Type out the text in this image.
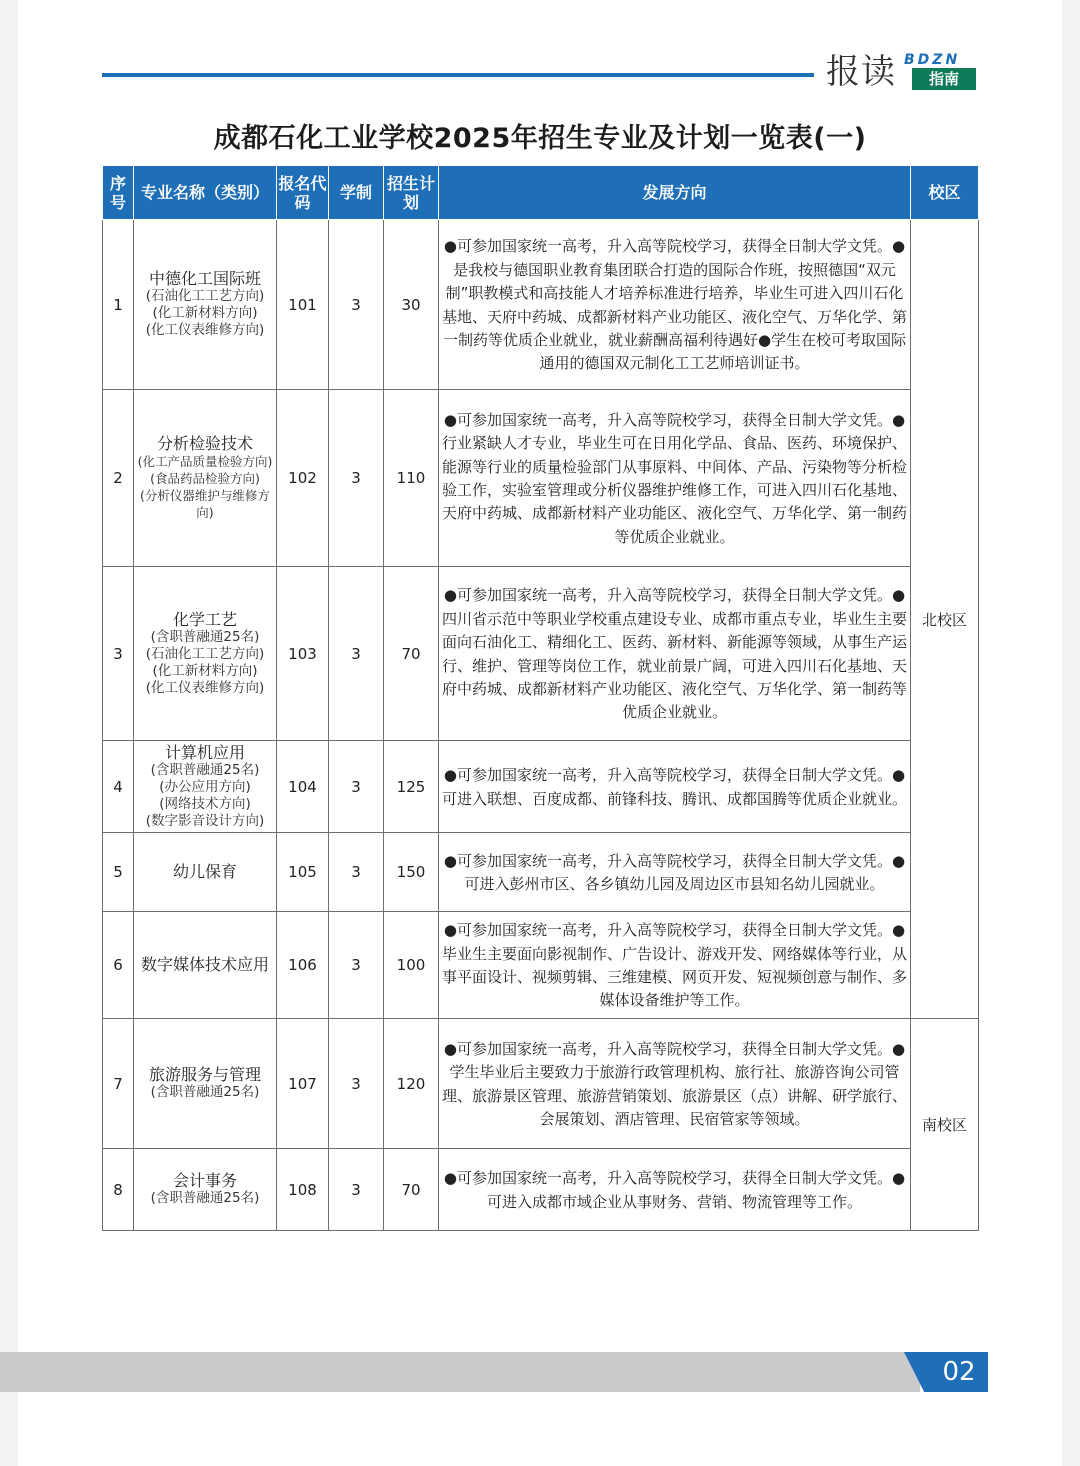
报读 BDZN
指南
成都石化工业学校2025年招生专业及计划一览表(一)
序号	专业名称（类别）	报名代码	学制	招生计划	发展方向	校区
1	中德化工国际班
(石油化工工艺方向)
(化工新材料方向)
(化工仪表维修方向)	101	3	30	●可参加国家统一高考，升入高等院校学习，获得全日制大学文凭。●是我校与德国职业教育集团联合打造的国际合作班，按照德国“双元制”职教模式和高技能人才培养标准进行培养，毕业生可进入四川石化基地、天府中药城、成都新材料产业功能区、液化空气、万华化学、第一制药等优质企业就业，就业薪酬高福利待遇好●学生在校可考取国际通用的德国双元制化工工艺师培训证书。	北校区
2	分析检验技术
(化工产品质量检验方向)
(食品药品检验方向)
(分析仪器维护与维修方向)	102	3	110	●可参加国家统一高考，升入高等院校学习，获得全日制大学文凭。●行业紧缺人才专业，毕业生可在日用化学品、食品、医药、环境保护、能源等行业的质量检验部门从事原料、中间体、产品、污染物等分析检验工作，实验室管理或分析仪器维护维修工作，可进入四川石化基地、天府中药城、成都新材料产业功能区、液化空气、万华化学、第一制药等优质企业就业。	

3	化学工艺
(含职普融通25名)
(石油化工工艺方向)
(化工新材料方向)
(化工仪表维修方向)	103	3	70	●可参加国家统一高考，升入高等院校学习，获得全日制大学文凭。●四川省示范中等职业学校重点建设专业、成都市重点专业，毕业生主要面向石油化工、精细化工、医药、新材料、新能源等领域，从事生产运行、维护、管理等岗位工作，就业前景广阔，可进入四川石化基地、天府中药城、成都新材料产业功能区、液化空气、万华化学、第一制药等优质企业就业。	

4	计算机应用
(含职普融通25名)
(办公应用方向)
(网络技术方向)
(数字影音设计方向)	104	3	125	●可参加国家统一高考，升入高等院校学习，获得全日制大学文凭。●可进入联想、百度成都、前锋科技、腾讯、成都国腾等优质企业就业。	

5	幼儿保育	105	3	150	●可参加国家统一高考，升入高等院校学习，获得全日制大学文凭。●可进入彭州市区、各乡镇幼儿园及周边区市县知名幼儿园就业。	

6	数字媒体技术应用	106	3	100	●可参加国家统一高考，升入高等院校学习，获得全日制大学文凭。●毕业生主要面向影视制作、广告设计、游戏开发、网络媒体等行业，从事平面设计、视频剪辑、三维建模、网页开发、短视频创意与制作、多媒体设备维护等工作。	

7	旅游服务与管理
(含职普融通25名)	107	3	120	●可参加国家统一高考，升入高等院校学习，获得全日制大学文凭。●学生毕业后主要致力于旅游行政管理机构、旅行社、旅游咨询公司管理、旅游景区管理、旅游营销策划、旅游景区（点）讲解、研学旅行、会展策划、酒店管理、民宿管家等领域。	南校区
8	会计事务
(含职普融通25名)	108	3	70	●可参加国家统一高考，升入高等院校学习，获得全日制大学文凭。●可进入成都市域企业从事财务、营销、物流管理等工作。	
02
